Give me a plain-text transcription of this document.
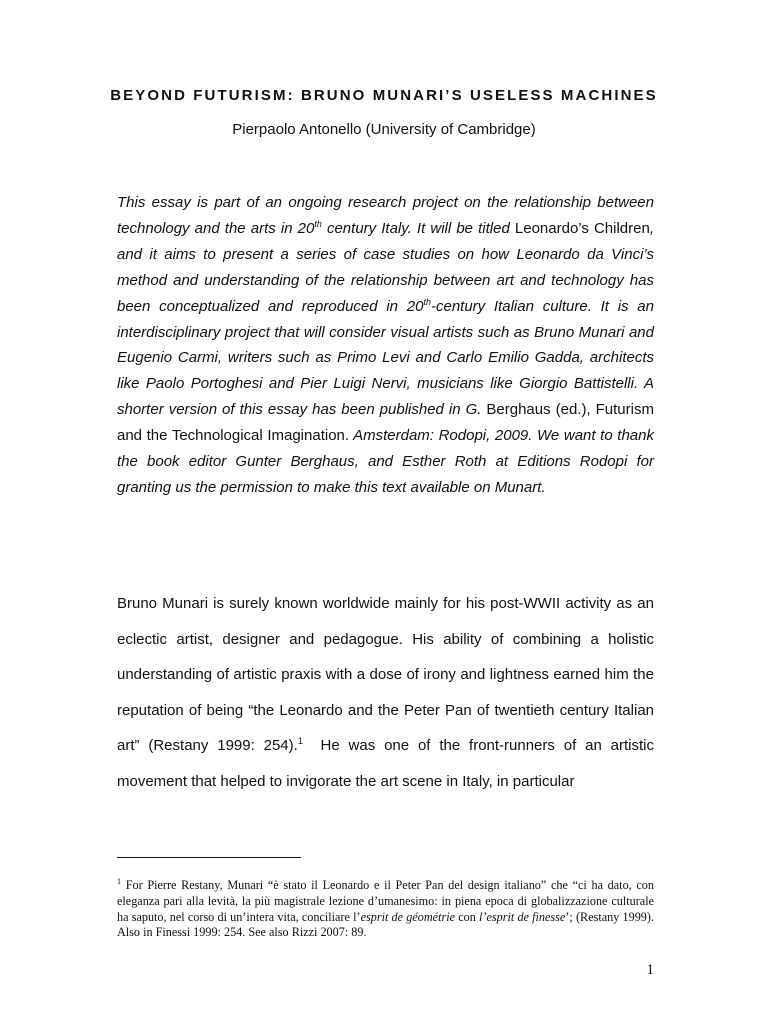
BEYOND FUTURISM: BRUNO MUNARI’S USELESS MACHINES
Pierpaolo Antonello (University of Cambridge)
This essay is part of an ongoing research project on the relationship between technology and the arts in 20th century Italy. It will be titled Leonardo’s Children, and it aims to present a series of case studies on how Leonardo da Vinci’s method and understanding of the relationship between art and technology has been conceptualized and reproduced in 20th-century Italian culture. It is an interdisciplinary project that will consider visual artists such as Bruno Munari and Eugenio Carmi, writers such as Primo Levi and Carlo Emilio Gadda, architects like Paolo Portoghesi and Pier Luigi Nervi, musicians like Giorgio Battistelli. A shorter version of this essay has been published in G. Berghaus (ed.), Futurism and the Technological Imagination. Amsterdam: Rodopi, 2009. We want to thank the book editor Gunter Berghaus, and Esther Roth at Editions Rodopi for granting us the permission to make this text available on Munart.
Bruno Munari is surely known worldwide mainly for his post-WWII activity as an eclectic artist, designer and pedagogue. His ability of combining a holistic understanding of artistic praxis with a dose of irony and lightness earned him the reputation of being “the Leonardo and the Peter Pan of twentieth century Italian art” (Restany 1999: 254).$^1$  He was one of the front-runners of an artistic movement that helped to invigorate the art scene in Italy, in particular
$^1$ For Pierre Restany, Munari “è stato il Leonardo e il Peter Pan del design italiano” che “ci ha dato, con eleganza pari alla levità, la più magistrale lezione d’umanesimo: in piena epoca di globalizzazione culturale ha saputo, nel corso di un’intera vita, conciliare l’esprit de géométrie con l’esprit de finesse’; (Restany 1999). Also in Finessi 1999: 254. See also Rizzi 2007: 89.
1
